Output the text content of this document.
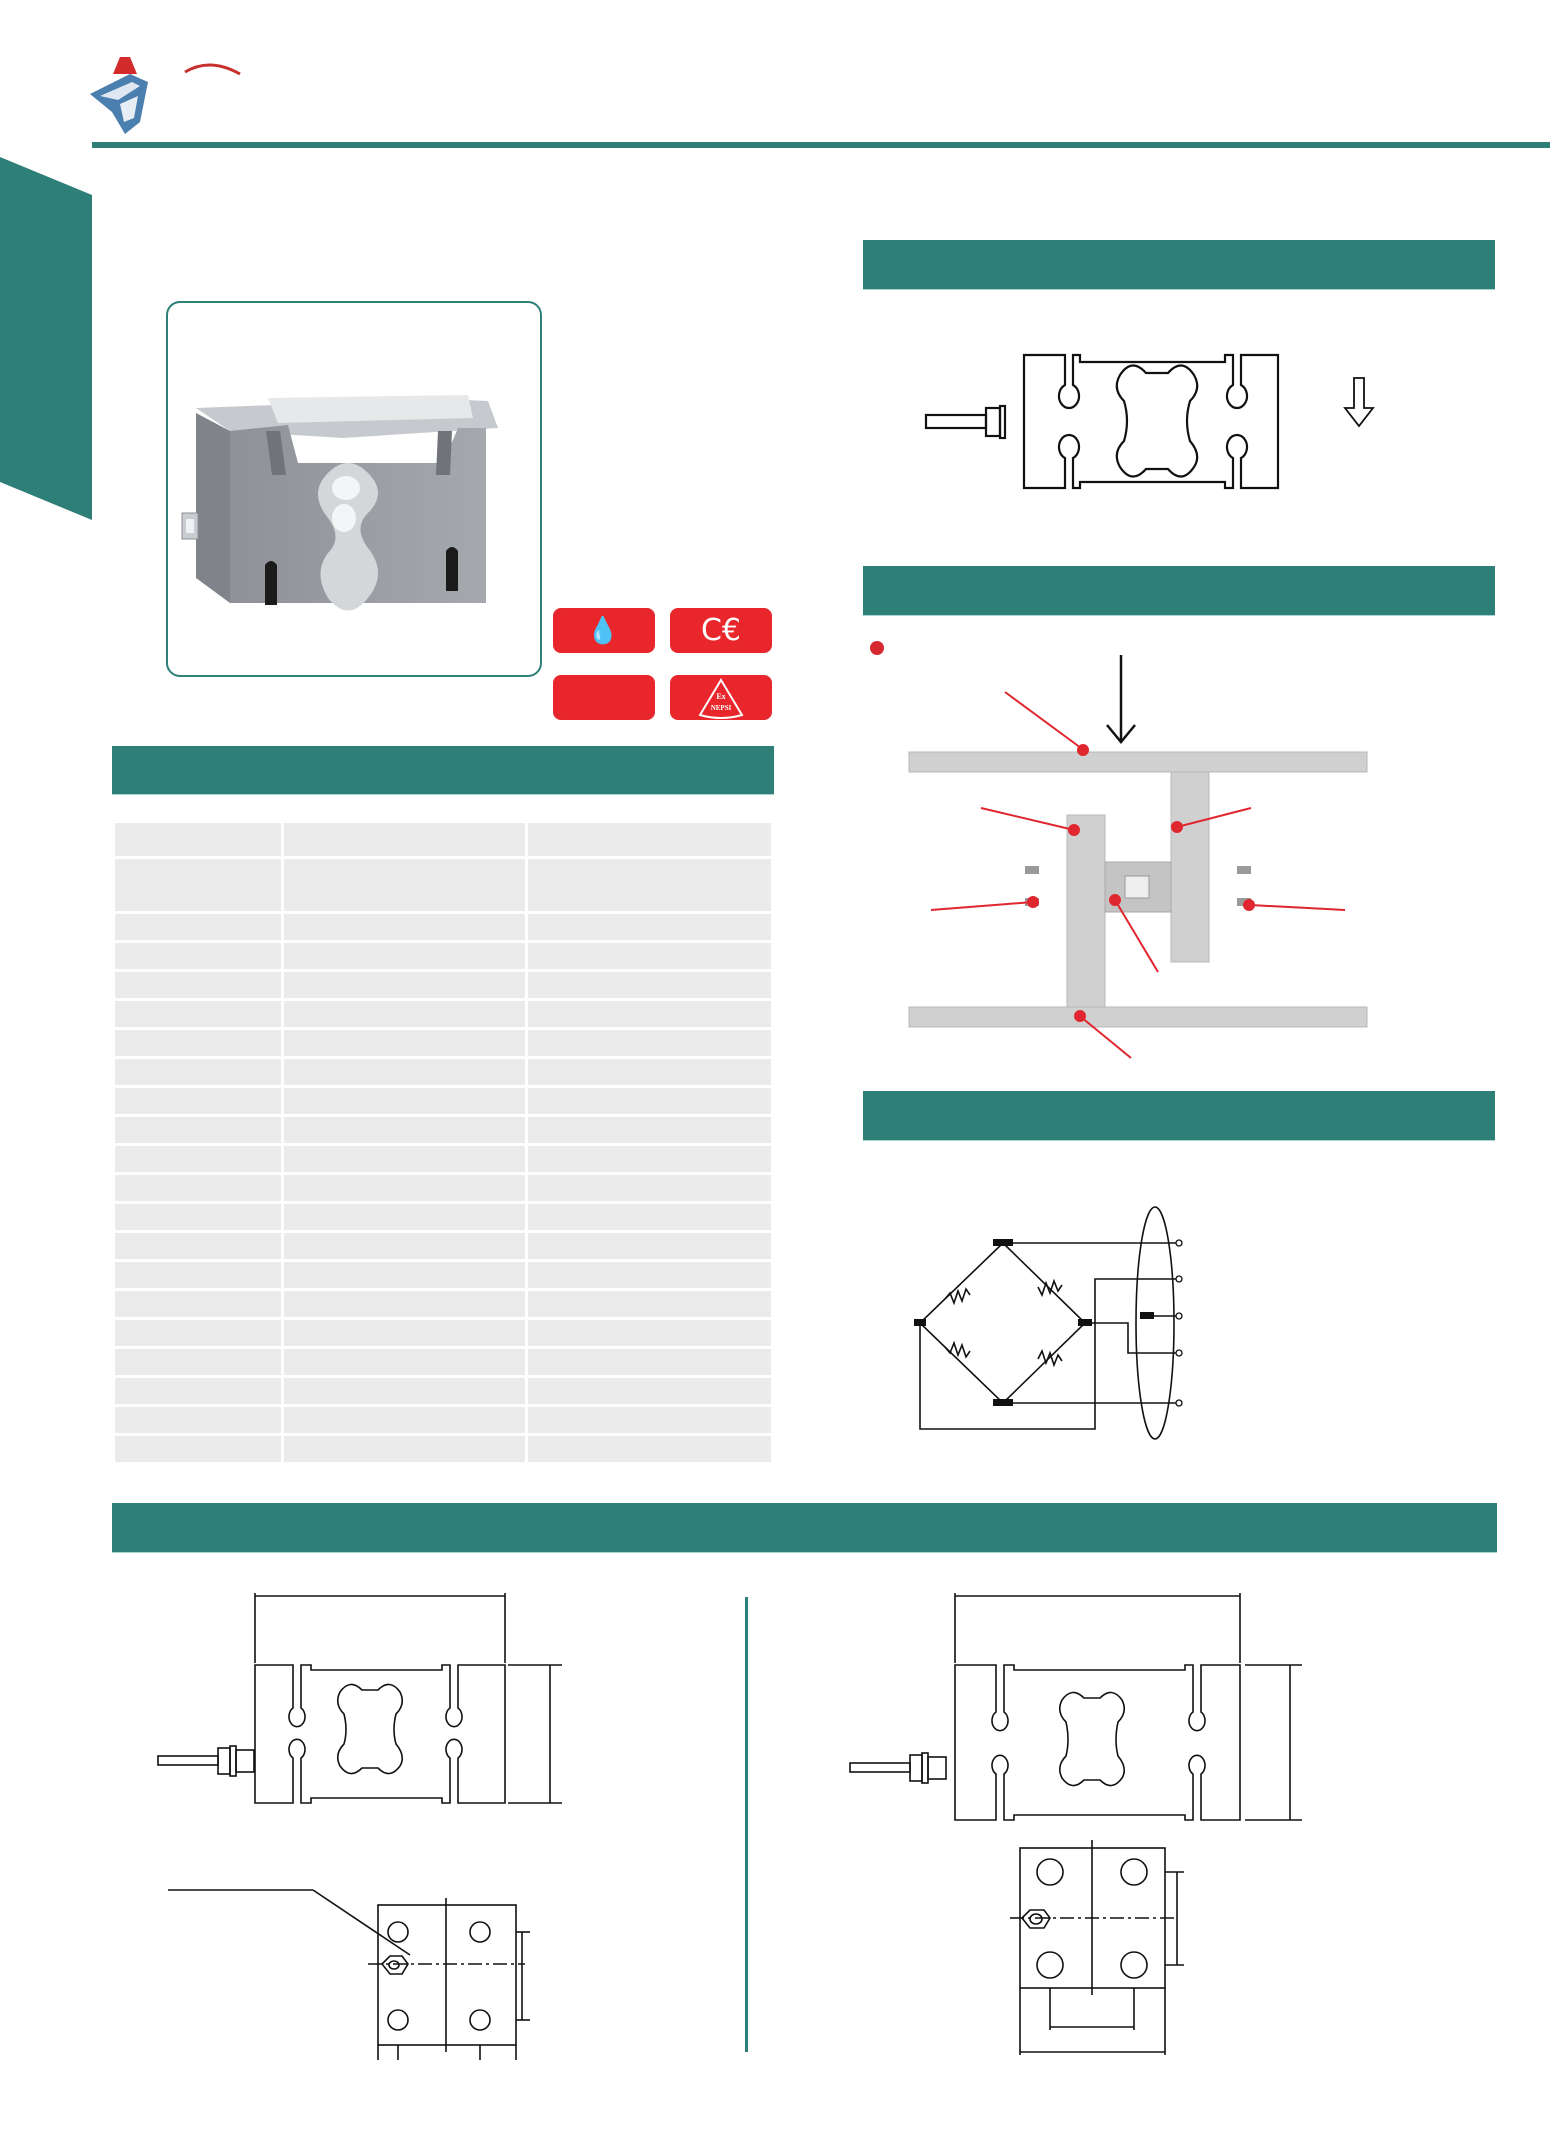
💧	C€
Ex
NEPSI
